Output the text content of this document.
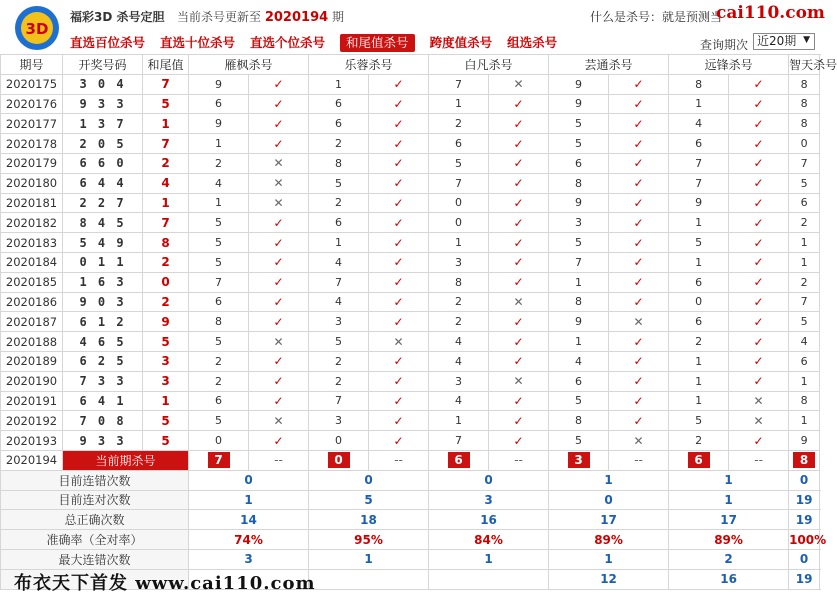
3D
福彩3D 杀号定胆 当前杀号更新至 2020194 期	什么是杀号：就是预测当
cai110.com
直选百位杀号 直选十位杀号 直选个位杀号	和尾值杀号	跨度值杀号 组选杀号	查询期次 近20期 ▼
期号	开奖号码	和尾值	雁枫杀号		乐蓉杀号		白凡杀号		芸通杀号		远锋杀号		智天杀号					
2020175	3 0 4	7	9	✓	1	✓	7	✕	9	✓	8	✓	8										
2020176	9 3 3	5	6	✓	6	✓	1	✓	9	✓	1	✓	8										
2020177	1 3 7	1	9	✓	6	✓	2	✓	5	✓	4	✓	8										
2020178	2 0 5	7	1	✓	2	✓	6	✓	5	✓	6	✓	0										
2020179	6 6 0	2	2	✕	8	✓	5	✓	6	✓	7	✓	7										
2020180	6 4 4	4	4	✕	5	✓	7	✓	8	✓	7	✓	5										
2020181	2 2 7	1	1	✕	2	✓	0	✓	9	✓	9	✓	6										
2020182	8 4 5	7	5	✓	6	✓	0	✓	3	✓	1	✓	2										
2020183	5 4 9	8	5	✓	1	✓	1	✓	5	✓	5	✓	1										
2020184	0 1 1	2	5	✓	4	✓	3	✓	7	✓	1	✓	1										
2020185	1 6 3	0	7	✓	7	✓	8	✓	1	✓	6	✓	2										
2020186	9 0 3	2	6	✓	4	✓	2	✕	8	✓	0	✓	7										
2020187	6 1 2	9	8	✓	3	✓	2	✓	9	✕	6	✓	5										
2020188	4 6 5	5	5	✕	5	✕	4	✓	1	✓	2	✓	4										
2020189	6 2 5	3	2	✓	2	✓	4	✓	4	✓	1	✓	6										
2020190	7 3 3	3	2	✓	2	✓	3	✕	6	✓	1	✓	1										
2020191	6 4 1	1	6	✓	7	✓	4	✓	5	✓	1	✕	8										
2020192	7 0 8	5	5	✕	3	✓	1	✓	8	✓	5	✕	1										
2020193	9 3 3	5	0	✓	0	✓	7	✓	5	✕	2	✓	9										
2020194	当前期杀号		7	--	0	--	6	--	3	--	6	--	8										
目前连错次数			0		0		0		1		1		0					
目前连对次数			1		5		3		0		1		19					
总正确次数			14		18		16		17		17		19					
准确率（全对率）			74%		95%		84%		89%		89%		100%					
最大连错次数			3		1		1		1		2		0					
									12		16		19					
布衣天下首发 www.cai110.com
